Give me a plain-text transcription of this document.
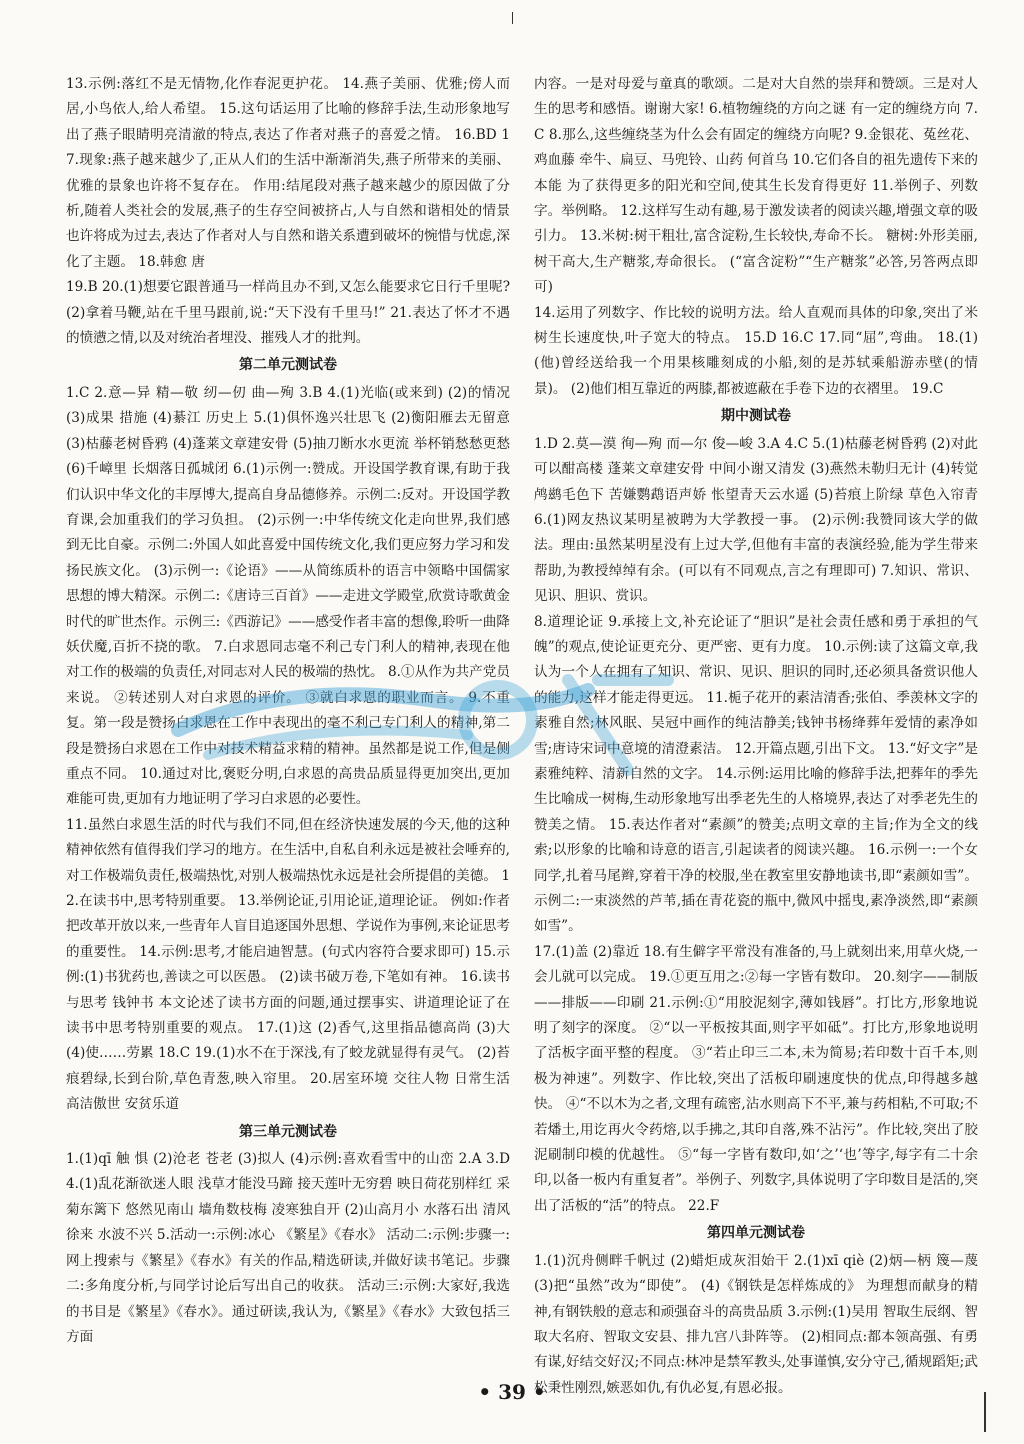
13.示例:落红不是无情物,化作春泥更护花。 14.燕子美丽、优雅;傍人而居,小鸟依人,给人希望。 15.这句话运用了比喻的修辞手法,生动形象地写出了燕子眼睛明亮清澈的特点,表达了作者对燕子的喜爱之情。 16.BD 17.现象:燕子越来越少了,正从人们的生活中渐渐消失,燕子所带来的美丽、优雅的景象也许将不复存在。 作用:结尾段对燕子越来越少的原因做了分析,随着人类社会的发展,燕子的生存空间被挤占,人与自然和谐相处的情景也许将成为过去,表达了作者对人与自然和谐关系遭到破坏的惋惜与忧虑,深化了主题。 18.韩愈 唐

19.B 20.(1)想要它跟普通马一样尚且办不到,又怎么能要求它日行千里呢? (2)拿着马鞭,站在千里马跟前,说:“天下没有千里马!” 21.表达了怀才不遇的愤懑之情,以及对统治者埋没、摧残人才的批判。

第二单元测试卷

1.C 2.意—异 精—敬 纫—仞 曲—殉 3.B 4.(1)光临(或来到) (2)的情况 (3)成果 措施 (4)綦江 历史上 5.(1)俱怀逸兴壮思飞 (2)衡阳雁去无留意 (3)枯藤老树昏鸦 (4)蓬莱文章建安骨 (5)抽刀断水水更流 举杯销愁愁更愁 (6)千嶂里 长烟落日孤城闭 6.(1)示例一:赞成。开设国学教育课,有助于我们认识中华文化的丰厚博大,提高自身品德修养。示例二:反对。开设国学教育课,会加重我们的学习负担。 (2)示例一:中华传统文化走向世界,我们感到无比自豪。示例二:外国人如此喜爱中国传统文化,我们更应努力学习和发扬民族文化。 (3)示例一:《论语》——从简练质朴的语言中领略中国儒家思想的博大精深。示例二:《唐诗三百首》——走进文学殿堂,欣赏诗歌黄金时代的旷世杰作。示例三:《西游记》——感受作者丰富的想像,聆听一曲降妖伏魔,百折不挠的歌。 7.白求恩同志毫不利己专门利人的精神,表现在他对工作的极端的负责任,对同志对人民的极端的热忱。 8.①从作为共产党员来说。 ②转述别人对白求恩的评价。 ③就白求恩的职业而言。 9.不重复。第一段是赞扬白求恩在工作中表现出的毫不利己专门利人的精神,第二段是赞扬白求恩在工作中对技术精益求精的精神。虽然都是说工作,但是侧重点不同。 10.通过对比,褒贬分明,白求恩的高贵品质显得更加突出,更加难能可贵,更加有力地证明了学习白求恩的必要性。

11.虽然白求恩生活的时代与我们不同,但在经济快速发展的今天,他的这种精神依然有值得我们学习的地方。在生活中,自私自利永远是被社会唾弃的,对工作极端负责任,极端热忱,对别人极端热忱永远是社会所提倡的美德。 12.在读书中,思考特别重要。 13.举例论证,引用论证,道理论证。 例如:作者把改革开放以来,一些青年人盲目追逐国外思想、学说作为事例,来论证思考的重要性。 14.示例:思考,才能启迪智慧。(句式内容符合要求即可) 15.示例:(1)书犹药也,善读之可以医愚。 (2)读书破万卷,下笔如有神。 16.读书与思考 钱钟书 本文论述了读书方面的问题,通过摆事实、讲道理论证了在读书中思考特别重要的观点。 17.(1)这 (2)香气,这里指品德高尚 (3)大 (4)使……劳累 18.C 19.(1)水不在于深浅,有了蛟龙就显得有灵气。 (2)苔痕碧绿,长到台阶,草色青葱,映入帘里。 20.居室环境 交往人物 日常生活 高洁傲世 安贫乐道

第三单元测试卷

1.(1)qī 触 惧 (2)沧老 苍老 (3)拟人 (4)示例:喜欢看雪中的山峦 2.A 3.D 4.(1)乱花渐欲迷人眼 浅草才能没马蹄 接天莲叶无穷碧 映日荷花别样红 采菊东篱下 悠然见南山 墙角数枝梅 凌寒独自开 (2)山高月小 水落石出 清风徐来 水波不兴 5.活动一:示例:冰心 《繁星》《春水》 活动二:示例:步骤一:网上搜索与《繁星》《春水》有关的作品,精选研读,并做好读书笔记。步骤二:多角度分析,与同学讨论后写出自己的收获。 活动三:示例:大家好,我选的书目是《繁星》《春水》。通过研读,我认为,《繁星》《春水》大致包括三方面

内容。一是对母爱与童真的歌颂。二是对大自然的崇拜和赞颂。三是对人生的思考和感悟。谢谢大家! 6.植物缠绕的方向之谜 有一定的缠绕方向 7.C 8.那么,这些缠绕茎为什么会有固定的缠绕方向呢? 9.金银花、菟丝花、鸡血藤 牵牛、扁豆、马兜铃、山药 何首乌 10.它们各自的祖先遗传下来的本能 为了获得更多的阳光和空间,使其生长发育得更好 11.举例子、列数字。举例略。 12.这样写生动有趣,易于激发读者的阅读兴趣,增强文章的吸引力。 13.米树:树干粗壮,富含淀粉,生长较快,寿命不长。 糖树:外形美丽,树干高大,生产糖浆,寿命很长。 (“富含淀粉”“生产糖浆”必答,另答两点即可)

14.运用了列数字、作比较的说明方法。给人直观而具体的印象,突出了米树生长速度快,叶子宽大的特点。 15.D 16.C 17.同“屈”,弯曲。 18.(1)(他)曾经送给我一个用果核雕刻成的小船,刻的是苏轼乘船游赤壁(的情景)。 (2)他们相互靠近的两膝,都被遮蔽在手卷下边的衣褶里。 19.C

期中测试卷

1.D 2.莫—漠 徇—殉 而—尔 俊—峻 3.A 4.C 5.(1)枯藤老树昏鸦 (2)对此可以酣高楼 蓬莱文章建安骨 中间小谢又清发 (3)燕然未勒归无计 (4)转觉鸬鹚毛色下 苦嫌鹦鹉语声娇 怅望青天云水遥 (5)苔痕上阶绿 草色入帘青 6.(1)网友热议某明星被聘为大学教授一事。 (2)示例:我赞同该大学的做法。理由:虽然某明星没有上过大学,但他有丰富的表演经验,能为学生带来帮助,为教授绰绰有余。(可以有不同观点,言之有理即可) 7.知识、常识、见识、胆识、赏识。

8.道理论证 9.承接上文,补充论证了“胆识”是社会责任感和勇于承担的气魄”的观点,使论证更充分、更严密、更有力度。 10.示例:读了这篇文章,我认为一个人在拥有了知识、常识、见识、胆识的同时,还必须具备赏识他人的能力,这样才能走得更远。 11.栀子花开的素洁清香;张伯、季羡林文字的素雅自然;林风眠、吴冠中画作的纯洁静美;钱钟书杨绛葬年爱情的素净如雪;唐诗宋词中意境的清澄素洁。 12.开篇点题,引出下文。 13.“好文字”是素雅纯粹、清新自然的文字。 14.示例:运用比喻的修辞手法,把葬年的季先生比喻成一树梅,生动形象地写出季老先生的人格境界,表达了对季老先生的赞美之情。 15.表达作者对“素颜”的赞美;点明文章的主旨;作为全文的线索;以形象的比喻和诗意的语言,引起读者的阅读兴趣。 16.示例一:一个女同学,扎着马尾辫,穿着干净的校服,坐在教室里安静地读书,即“素颜如雪”。示例二:一束淡然的芦苇,插在青花瓷的瓶中,微风中摇曳,素净淡然,即“素颜如雪”。

17.(1)盖 (2)靠近 18.有生僻字平常没有准备的,马上就刻出来,用草火烧,一会儿就可以完成。 19.①更互用之:②每一字皆有数印。 20.刻字——制版——排版——印刷 21.示例:①“用胶泥刻字,薄如钱唇”。打比方,形象地说明了刻字的深度。 ②“以一平板按其面,则字平如砥”。打比方,形象地说明了活板字面平整的程度。 ③“若止印三二本,未为简易;若印数十百千本,则极为神速”。列数字、作比较,突出了活板印刷速度快的优点,印得越多越快。 ④“不以木为之者,文理有疏密,沾水则高下不平,兼与药相粘,不可取;不若燔土,用讫再火令药熔,以手拂之,其印自落,殊不沾污”。作比较,突出了胶泥刷制印模的优越性。 ⑤“每一字皆有数印,如‘之’‘也’等字,每字有二十余印,以备一板内有重复者”。举例子、列数字,具体说明了字印数目是活的,突出了活板的“活”的特点。 22.F

第四单元测试卷

1.(1)沉舟侧畔千帆过 (2)蜡炬成灰泪始干 2.(1)xī qiè (2)炳—柄 篾—蔑 (3)把“虽然”改为“即使”。 (4)《钢铁是怎样炼成的》 为理想而献身的精神,有钢铁般的意志和顽强奋斗的高贵品质 3.示例:(1)吴用 智取生辰纲、智取大名府、智取文安县、排九宫八卦阵等。 (2)相同点:都本领高强、有勇有谋,好结交好汉;不同点:林冲是禁军教头,处事谨慎,安分守己,循规蹈矩;武松秉性刚烈,嫉恶如仇,有仇必复,有恩必报。

• 39 •
